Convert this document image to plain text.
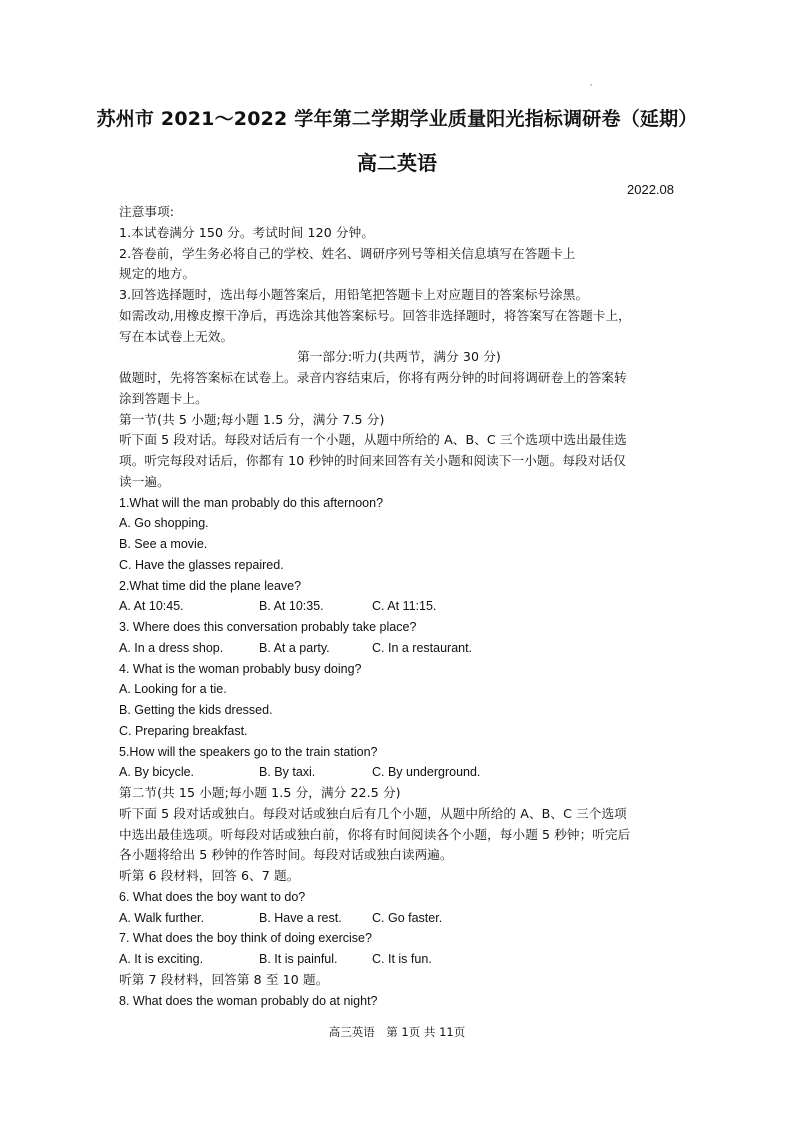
苏州市 2021～2022 学年第二学期学业质量阳光指标调研卷（延期）
高二英语
2022.08
注意事项:
1.本试卷满分 150 分。考试时间 120 分钟。
2.答卷前，学生务必将自己的学校、姓名、调研序列号等相关信息填写在答题卡上
规定的地方。
3.回答选择题时，选出每小题答案后，用铅笔把答题卡上对应题目的答案标号涂黑。
如需改动,用橡皮擦干净后，再选涂其他答案标号。回答非选择题时，将答案写在答题卡上，
写在本试卷上无效。
第一部分:听力(共两节，满分 30 分)
做题时，先将答案标在试卷上。录音内容结束后，你将有两分钟的时间将调研卷上的答案转
涂到答题卡上。
第一节(共 5 小题;每小题 1.5 分，满分 7.5 分)
听下面 5 段对话。每段对话后有一个小题，从题中所给的 A、B、C 三个选项中选出最佳选
项。听完每段对话后，你都有 10 秒钟的时间来回答有关小题和阅读下一小题。每段对话仅
读一遍。
1.What will the man probably do this afternoon?
A. Go shopping.
B. See a movie.
C. Have the glasses repaired.
2.What time did the plane leave?
A. At 10:45.	B. At 10:35.	C. At 11:15.
3. Where does this conversation probably take place?
A. In a dress shop.	B. At a party.	C. In a restaurant.
4. What is the woman probably busy doing?
A. Looking for a tie.
B. Getting the kids dressed.
C. Preparing breakfast.
5.How will the speakers go to the train station?
A. By bicycle.	B. By taxi.	C. By underground.
第二节(共 15 小题;每小题 1.5 分，满分 22.5 分)
听下面 5 段对话或独白。每段对话或独白后有几个小题，从题中所给的 A、B、C 三个选项
中选出最佳选项。听每段对话或独白前，你将有时间阅读各个小题，每小题 5 秒钟；听完后
各小题将给出 5 秒钟的作答时间。每段对话或独白读两遍。
听第 6 段材料，回答 6、7 题。
6. What does the boy want to do?
A. Walk further.	B. Have a rest.	C. Go faster.
7. What does the boy think of doing exercise?
A. It is exciting.	B. It is painful.	C. It is fun.
听第 7 段材料，回答第 8 至 10 题。
8. What does the woman probably do at night?
高三英语　第 1页 共 11页
